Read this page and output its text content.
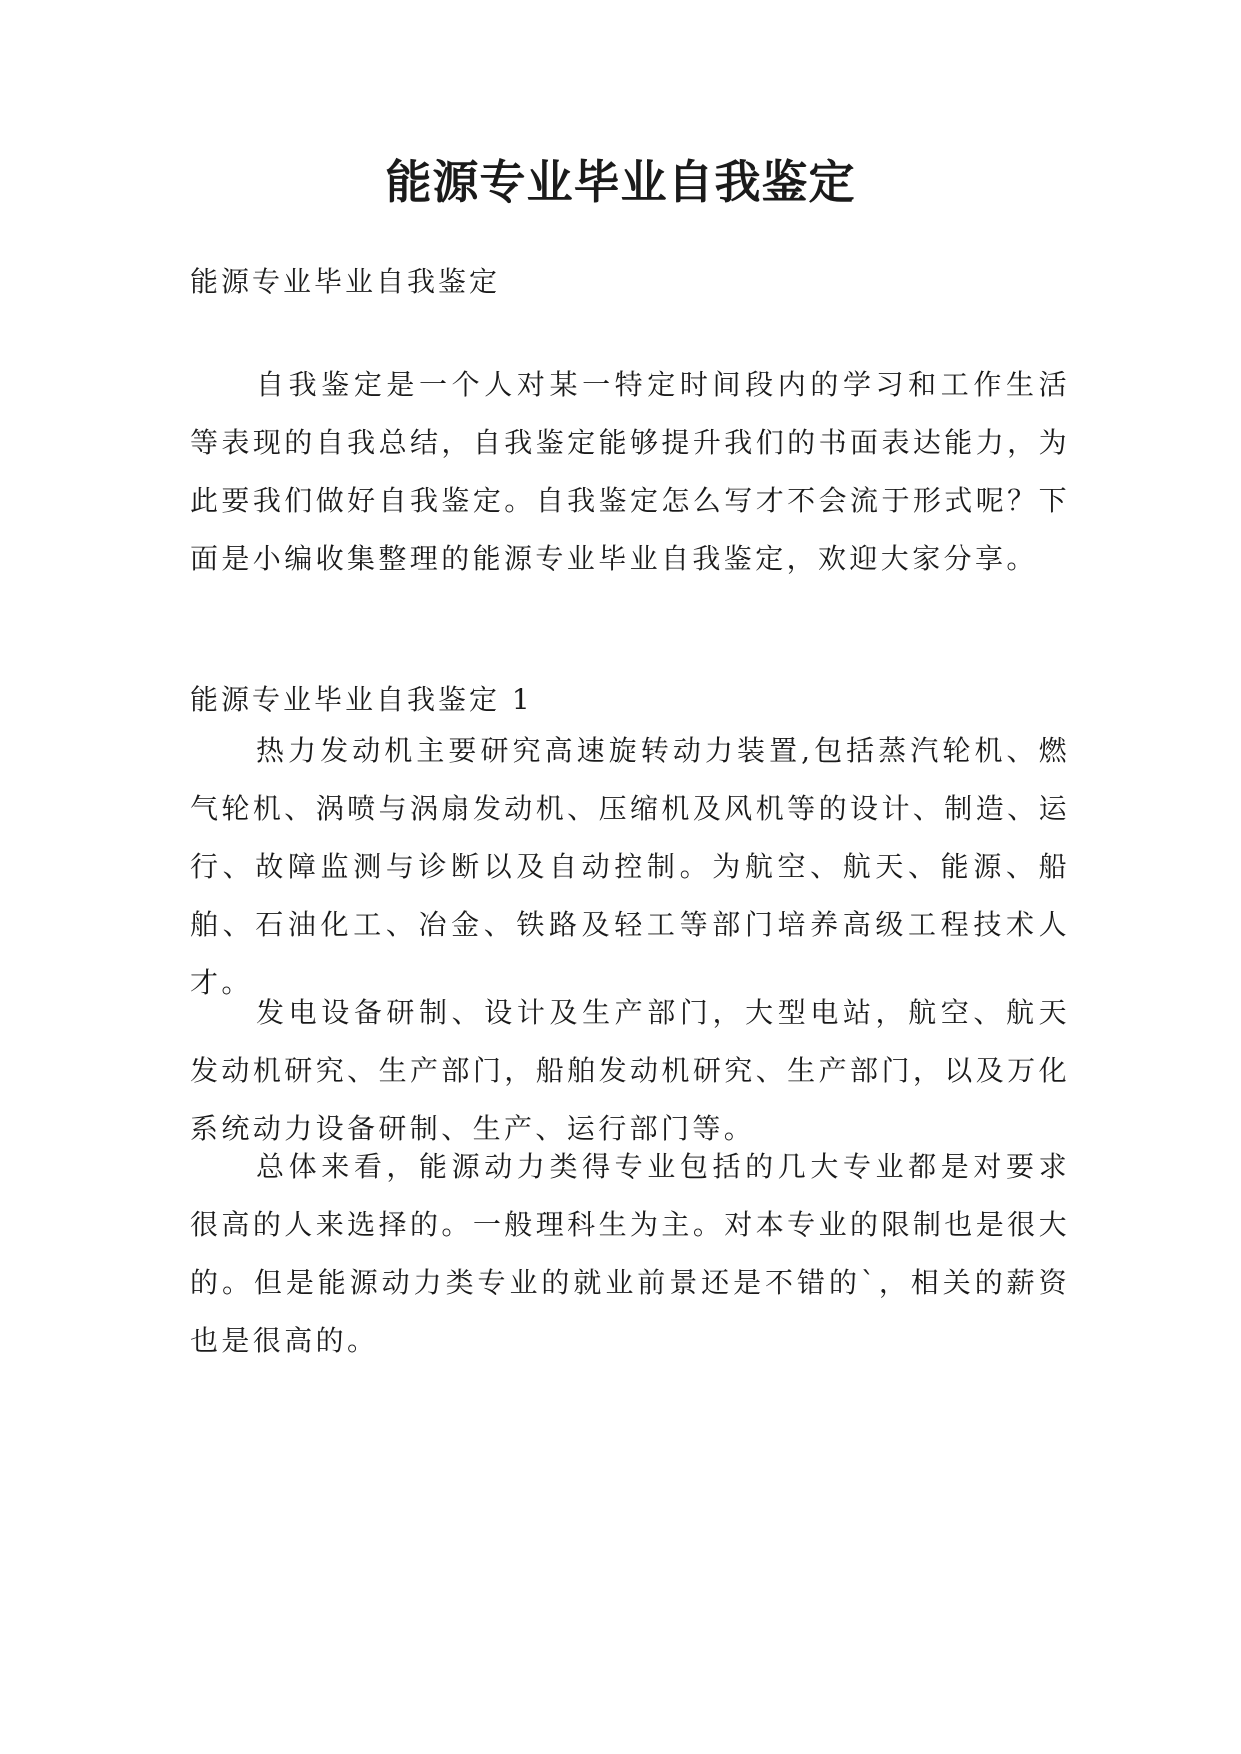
能源专业毕业自我鉴定

能源专业毕业自我鉴定

自我鉴定是一个人对某一特定时间段内的学习和工作生活等表现的自我总结，自我鉴定能够提升我们的书面表达能力，为此要我们做好自我鉴定。自我鉴定怎么写才不会流于形式呢？下面是小编收集整理的能源专业毕业自我鉴定，欢迎大家分享。

能源专业毕业自我鉴定 1

热力发动机主要研究高速旋转动力装置,包括蒸汽轮机、燃气轮机、涡喷与涡扇发动机、压缩机及风机等的设计、制造、运行、故障监测与诊断以及自动控制。为航空、航天、能源、船舶、石油化工、冶金、铁路及轻工等部门培养高级工程技术人才。

发电设备研制、设计及生产部门，大型电站，航空、航天发动机研究、生产部门，船舶发动机研究、生产部门，以及万化系统动力设备研制、生产、运行部门等。

总体来看，能源动力类得专业包括的几大专业都是对要求很高的人来选择的。一般理科生为主。对本专业的限制也是很大的。但是能源动力类专业的就业前景还是不错的`，相关的薪资也是很高的。
